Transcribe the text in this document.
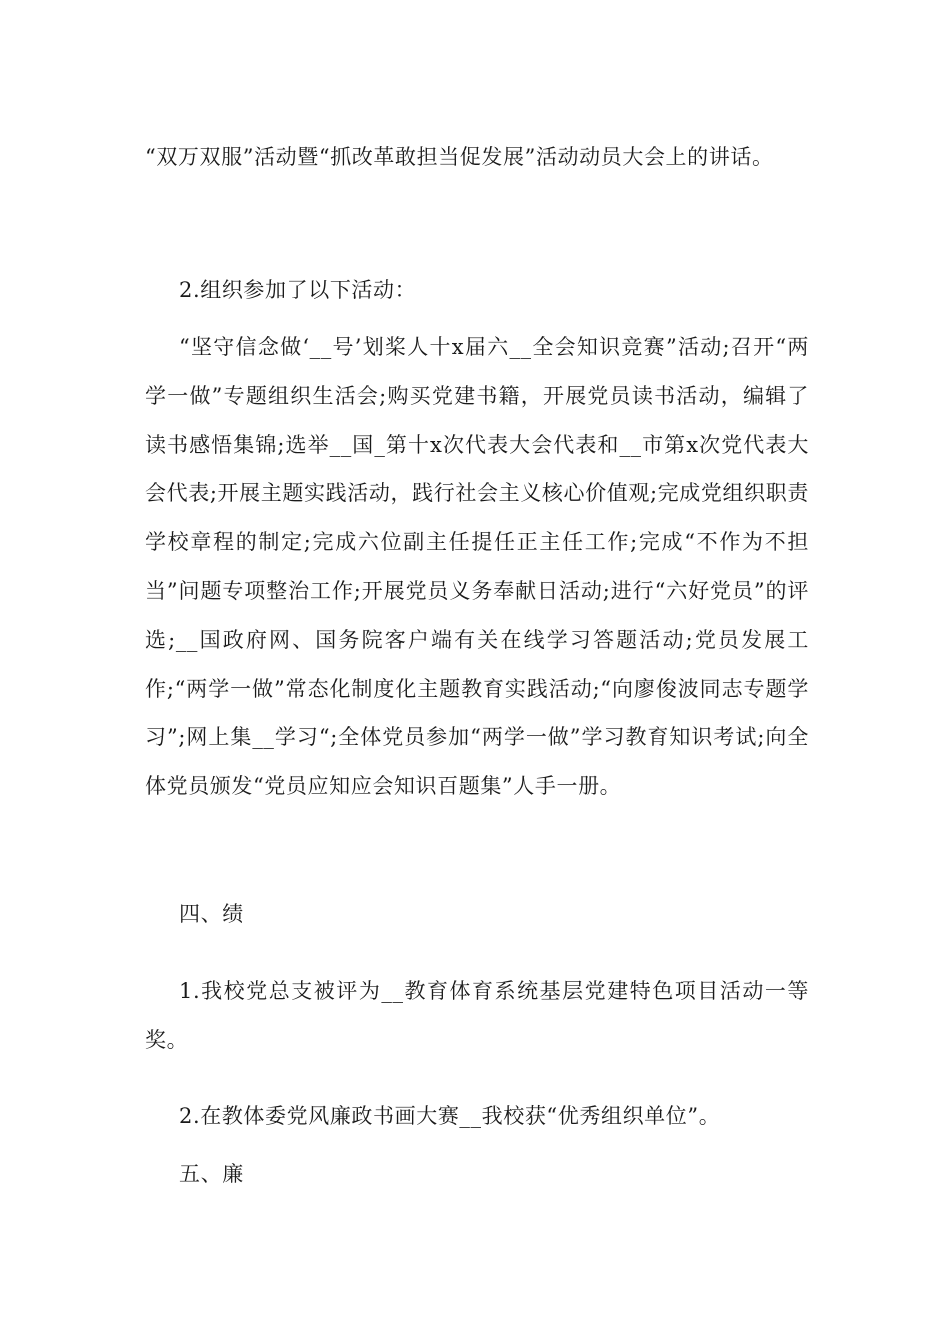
“双万双服”活动暨“抓改革敢担当促发展”活动动员大会上的讲话。

2.组织参加了以下活动：

“坚守信念做‘__号’划桨人十x届六__全会知识竞赛”活动;召开“两学一做”专题组织生活会;购买党建书籍，开展党员读书活动，编辑了读书感悟集锦;选举__国_第十x次代表大会代表和__市第x次党代表大会代表;开展主题实践活动，践行社会主义核心价值观;完成党组织职责学校章程的制定;完成六位副主任提任正主任工作;完成“不作为不担当”问题专项整治工作;开展党员义务奉献日活动;进行“六好党员”的评选;__国政府网、国务院客户端有关在线学习答题活动;党员发展工作;“两学一做”常态化制度化主题教育实践活动;“向廖俊波同志专题学习”;网上集__学习“;全体党员参加“两学一做”学习教育知识考试;向全体党员颁发“党员应知应会知识百题集”人手一册。

四、绩

1.我校党总支被评为__教育体育系统基层党建特色项目活动一等奖。

2.在教体委党风廉政书画大赛__我校获“优秀组织单位”。

五、廉
